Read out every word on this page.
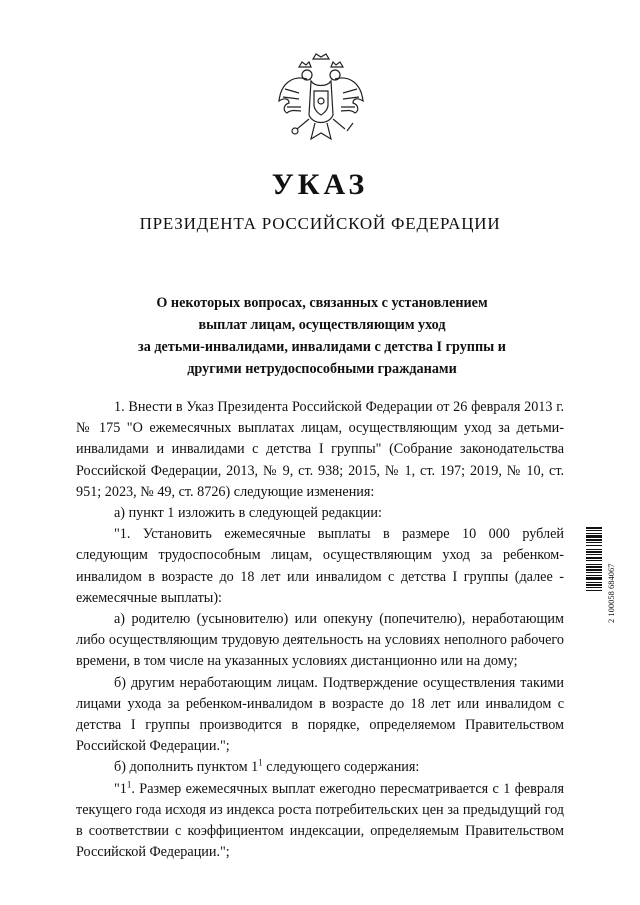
УКАЗ
ПРЕЗИДЕНТА РОССИЙСКОЙ ФЕДЕРАЦИИ
О некоторых вопросах, связанных с установлением
выплат лицам, осуществляющим уход
за детьми-инвалидами, инвалидами с детства I группы и
другими нетрудоспособными гражданами

1. Внести в Указ Президента Российской Федерации от 26 февраля 2013 г. № 175 "О ежемесячных выплатах лицам, осуществляющим уход за детьми-инвалидами и инвалидами с детства I группы" (Собрание законодательства Российской Федерации, 2013, № 9, ст. 938; 2015, № 1, ст. 197; 2019, № 10, ст. 951; 2023, № 49, ст. 8726) следующие изменения:

а) пункт 1 изложить в следующей редакции:

"1. Установить ежемесячные выплаты в размере 10 000 рублей следующим трудоспособным лицам, осуществляющим уход за ребенком-инвалидом в возрасте до 18 лет или инвалидом с детства I группы (далее - ежемесячные выплаты):

а) родителю (усыновителю) или опекуну (попечителю), неработающим либо осуществляющим трудовую деятельность на условиях неполного рабочего времени, в том числе на указанных условиях дистанционно или на дому;

б) другим неработающим лицам. Подтверждение осуществления такими лицами ухода за ребенком-инвалидом в возрасте до 18 лет или инвалидом с детства I группы производится в порядке, определяемом Правительством Российской Федерации.";

б) дополнить пунктом $1^1$ следующего содержания:

"$1^1$. Размер ежемесячных выплат ежегодно пересматривается с 1 февраля текущего года исходя из индекса роста потребительских цен за предыдущий год в соответствии с коэффициентом индексации, определяемым Правительством Российской Федерации.";

2 100058 684067
